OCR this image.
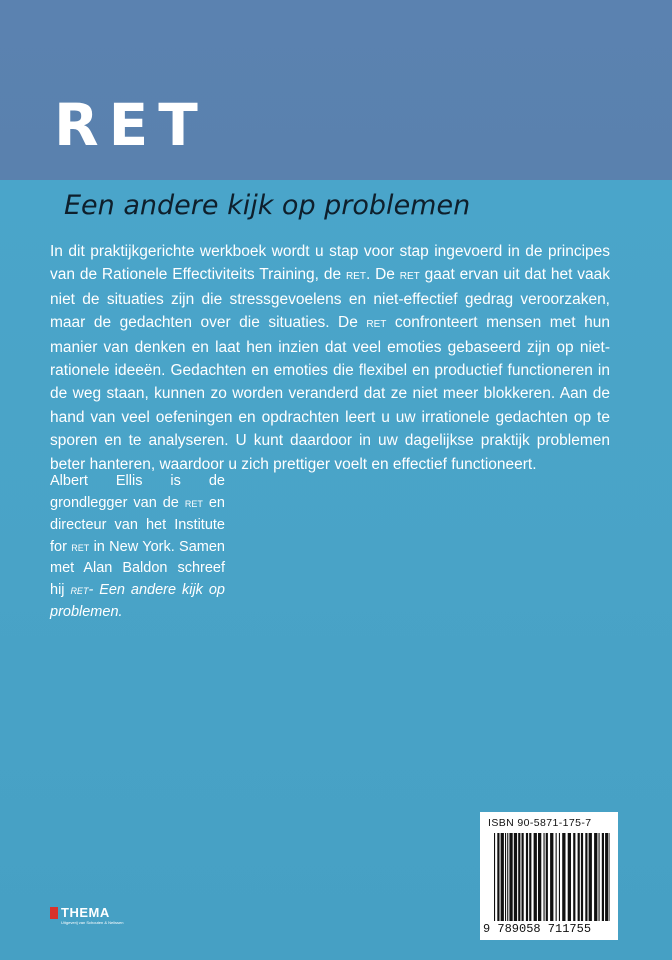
RET
Een andere kijk op problemen

In dit praktijkgerichte werkboek wordt u stap voor stap ingevoerd in de principes van de Rationele Effectiviteits Training, de ret. De ret gaat ervan uit dat het vaak niet de situaties zijn die stressgevoelens en niet-effectief gedrag veroorzaken, maar de gedachten over die situaties. De ret confronteert mensen met hun manier van denken en laat hen inzien dat veel emoties gebaseerd zijn op niet-rationele ideeën. Gedachten en emoties die flexibel en productief functioneren in de weg staan, kunnen zo worden veranderd dat ze niet meer blokkeren. Aan de hand van veel oefeningen en opdrachten leert u uw irrationele gedachten op te sporen en te analyseren. U kunt daardoor in uw dagelijkse praktijk problemen beter hanteren, waardoor u zich prettiger voelt en effectief functioneert.

Albert Ellis is de grondlegger van de ret en directeur van het Institute for ret in New York. Samen met Alan Baldon schreef hij ret- Een andere kijk op problemen.

THEMA
Uitgeverij van Schouten & Nelissen
ISBN 90-5871-175-7
9 789058 711755
